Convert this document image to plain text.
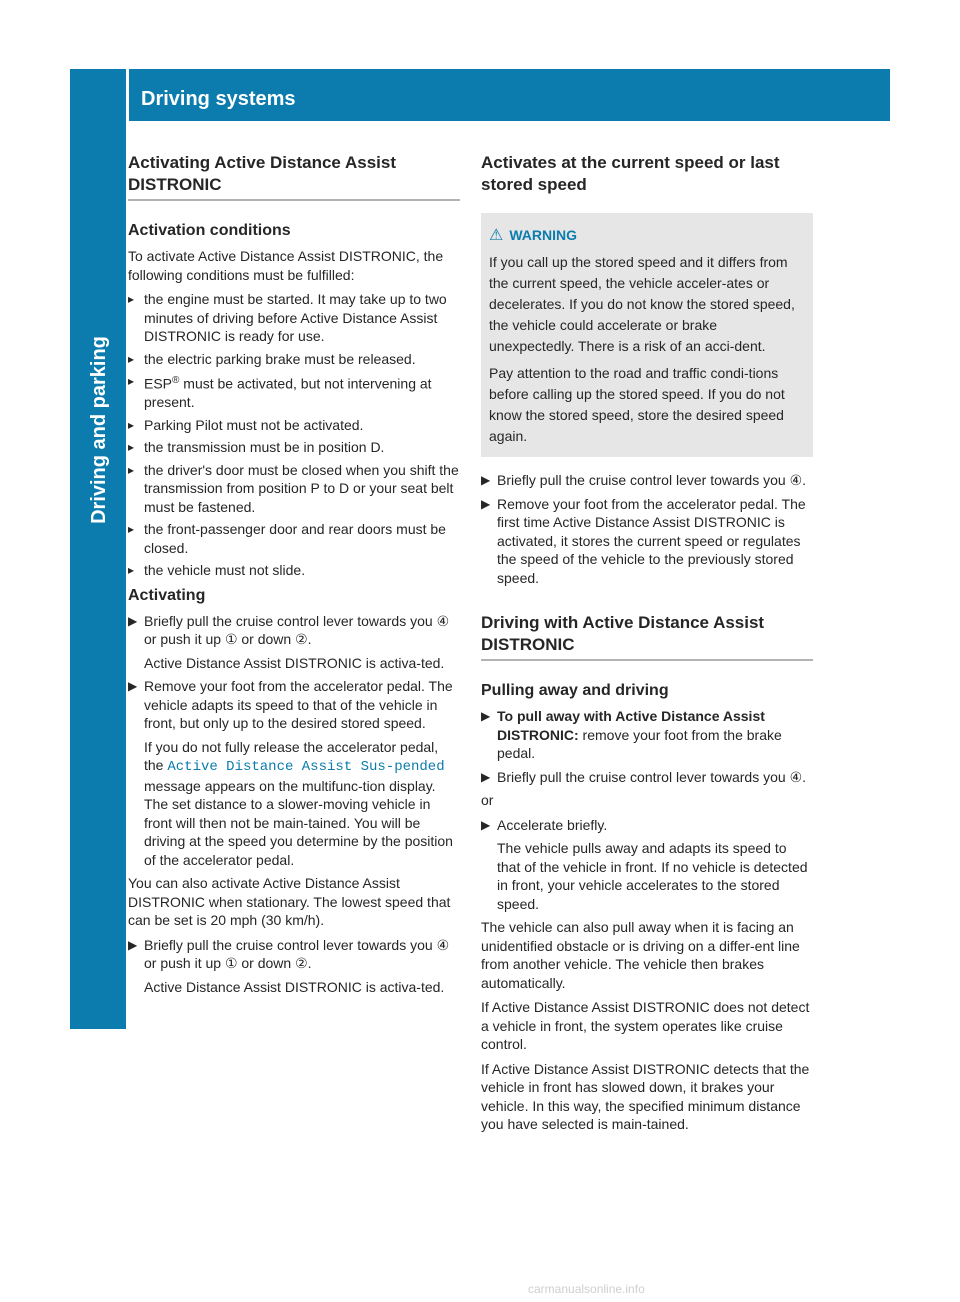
Driving systems
Driving and parking
Activating Active Distance Assist
DISTRONIC
Activation conditions

To activate Active Distance Assist DISTRONIC, the following conditions must be fulfilled:

▸ the engine must be started. It may take up to two minutes of driving before Active Distance Assist DISTRONIC is ready for use.
▸ the electric parking brake must be released.
▸ ESP® must be activated, but not intervening at present.
▸ Parking Pilot must not be activated.
▸ the transmission must be in position D.
▸ the driver's door must be closed when you shift the transmission from position P to D or your seat belt must be fastened.
▸ the front-passenger door and rear doors must be closed.
▸ the vehicle must not slide.
Activating
▶ Briefly pull the cruise control lever towards you ④ or push it up ① or down ②.
Active Distance Assist DISTRONIC is activa-ted.
▶ Remove your foot from the accelerator pedal. The vehicle adapts its speed to that of the vehicle in front, but only up to the desired stored speed.
If you do not fully release the accelerator pedal, the Active Distance Assist Sus‑pended message appears on the multifunc-tion display. The set distance to a slower-moving vehicle in front will then not be main-tained. You will be driving at the speed you determine by the position of the accelerator pedal.

You can also activate Active Distance Assist DISTRONIC when stationary. The lowest speed that can be set is 20 mph (30 km/h).

▶ Briefly pull the cruise control lever towards you ④ or push it up ① or down ②.
Active Distance Assist DISTRONIC is activa-ted.
Activates at the current speed or last
stored speed
⚠ WARNING

If you call up the stored speed and it differs from the current speed, the vehicle acceler-ates or decelerates. If you do not know the stored speed, the vehicle could accelerate or brake unexpectedly. There is a risk of an acci-dent.

Pay attention to the road and traffic condi-tions before calling up the stored speed. If you do not know the stored speed, store the desired speed again.

▶ Briefly pull the cruise control lever towards you ④.
▶ Remove your foot from the accelerator pedal. The first time Active Distance Assist DISTRONIC is activated, it stores the current speed or regulates the speed of the vehicle to the previously stored speed.
Driving with Active Distance Assist
DISTRONIC
Pulling away and driving
▶ To pull away with Active Distance Assist DISTRONIC: remove your foot from the brake pedal.
▶ Briefly pull the cruise control lever towards you ④.

or

▶ Accelerate briefly.
The vehicle pulls away and adapts its speed to that of the vehicle in front. If no vehicle is detected in front, your vehicle accelerates to the stored speed.

The vehicle can also pull away when it is facing an unidentified obstacle or is driving on a differ-ent line from another vehicle. The vehicle then brakes automatically.

If Active Distance Assist DISTRONIC does not detect a vehicle in front, the system operates like cruise control.

If Active Distance Assist DISTRONIC detects that the vehicle in front has slowed down, it brakes your vehicle. In this way, the specified minimum distance you have selected is main-tained.

carmanualsonline.info
